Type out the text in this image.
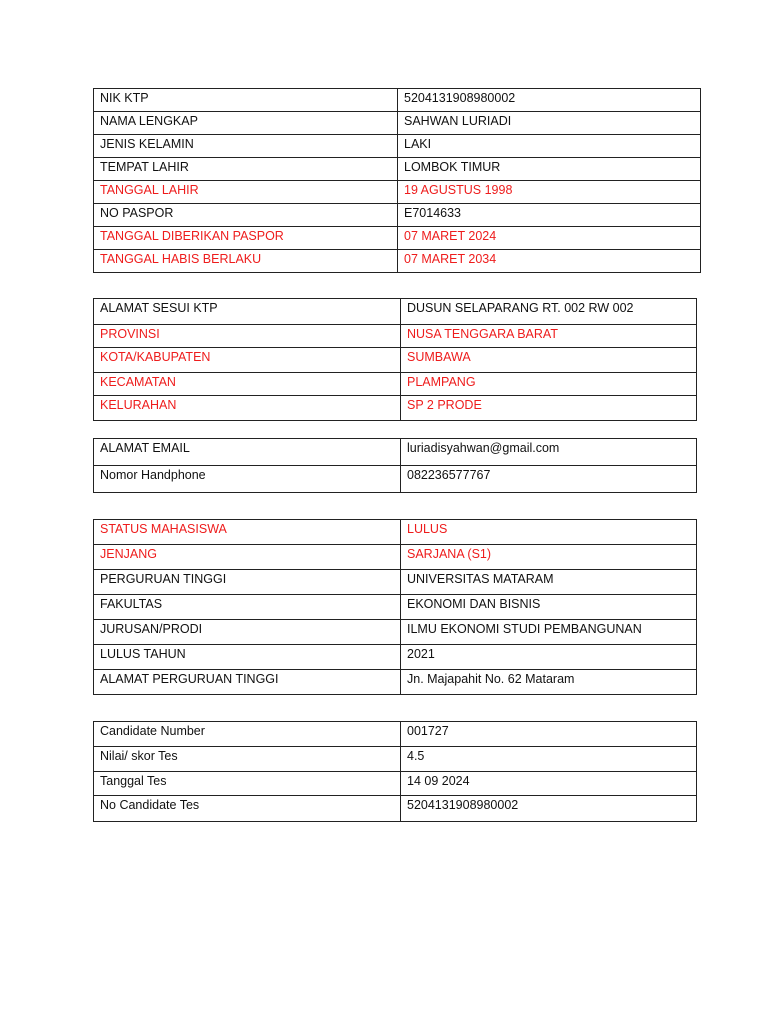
NIK KTP	5204131908980002
NAMA LENGKAP	SAHWAN LURIADI
JENIS KELAMIN	LAKI
TEMPAT LAHIR	LOMBOK TIMUR
TANGGAL LAHIR	19 AGUSTUS 1998
NO PASPOR	E7014633
TANGGAL DIBERIKAN PASPOR	07 MARET 2024
TANGGAL HABIS BERLAKU	07 MARET 2034
ALAMAT SESUI KTP	DUSUN SELAPARANG RT. 002 RW 002
PROVINSI	NUSA TENGGARA BARAT
KOTA/KABUPATEN	SUMBAWA
KECAMATAN	PLAMPANG
KELURAHAN	SP 2 PRODE
ALAMAT EMAIL	luriadisyahwan@gmail.com
Nomor Handphone	082236577767
STATUS MAHASISWA	LULUS
JENJANG	SARJANA (S1)
PERGURUAN TINGGI	UNIVERSITAS MATARAM
FAKULTAS	EKONOMI DAN BISNIS
JURUSAN/PRODI	ILMU EKONOMI STUDI PEMBANGUNAN
LULUS TAHUN	2021
ALAMAT PERGURUAN TINGGI	Jn. Majapahit No. 62 Mataram
Candidate Number	001727
Nilai/ skor Tes	4.5
Tanggal Tes	14 09 2024
No Candidate Tes	5204131908980002
